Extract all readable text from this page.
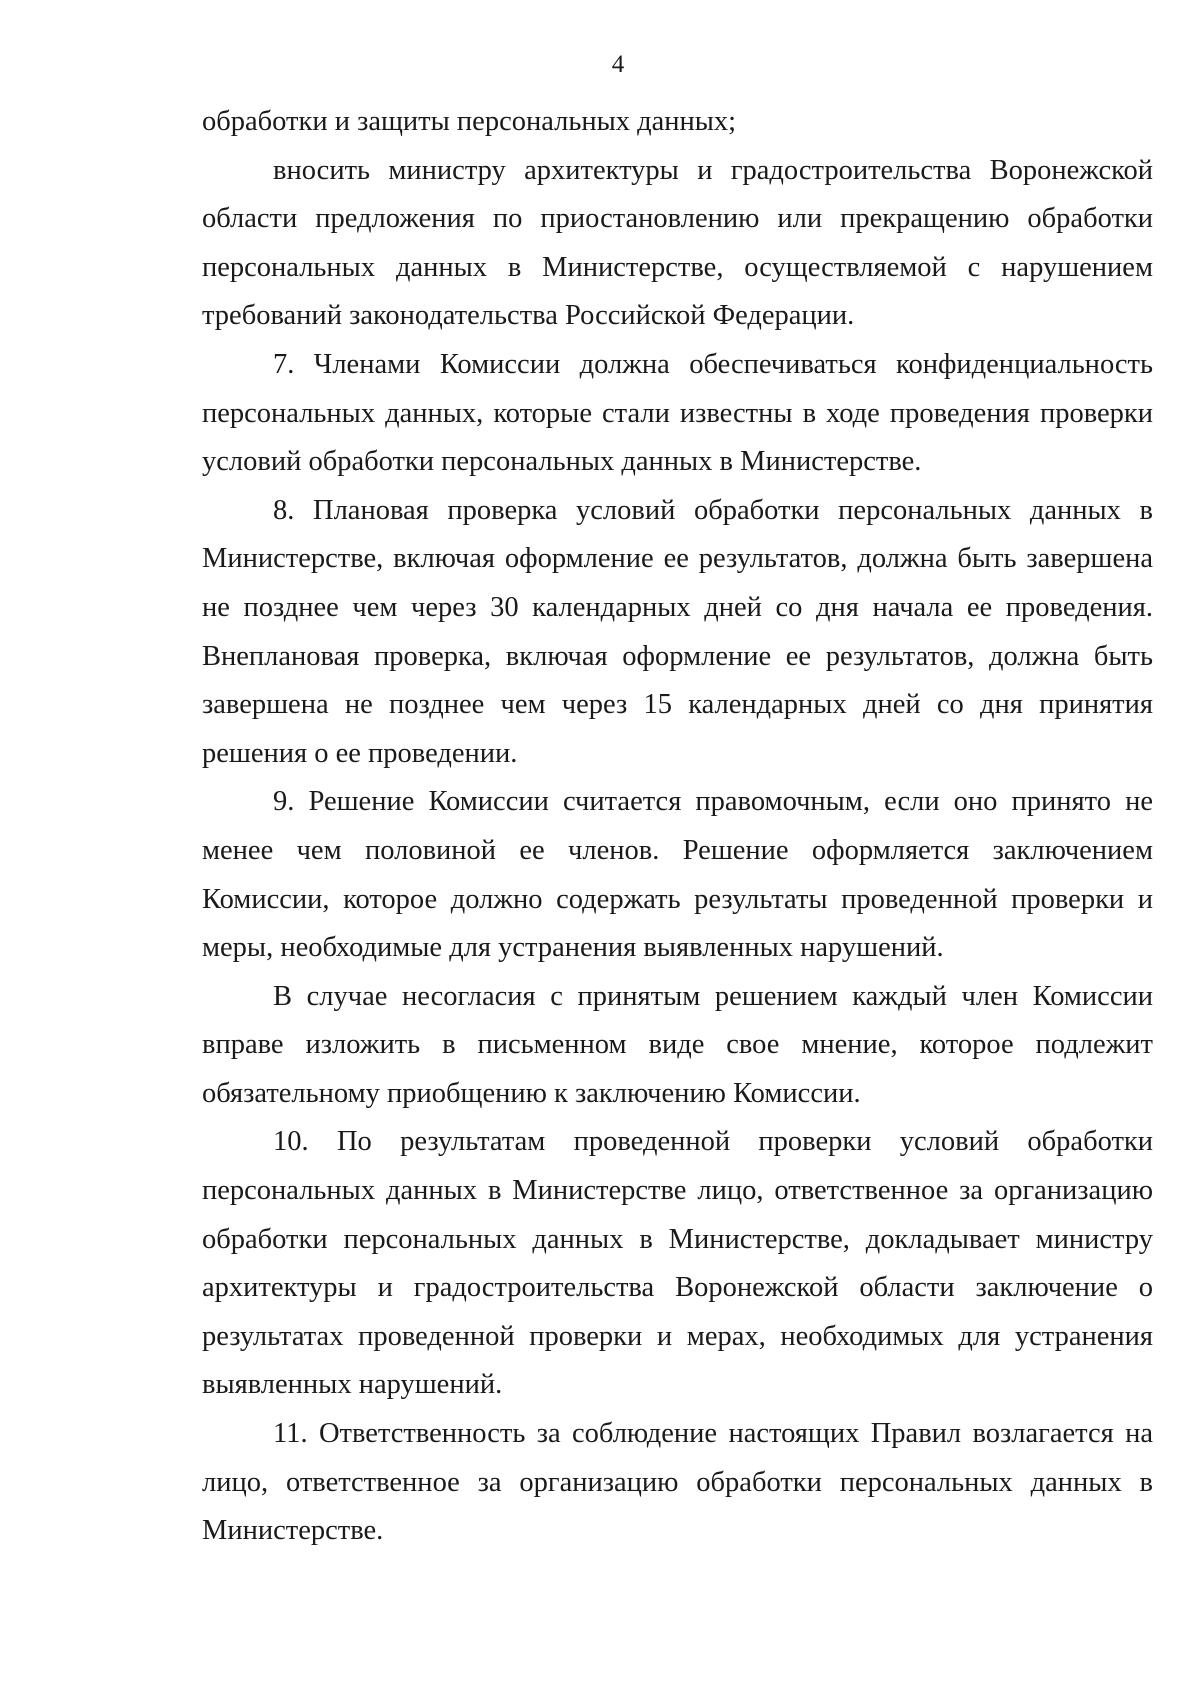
4

обработки и защиты персональных данных;

вносить министру архитектуры и градостроительства Воронежской области предложения по приостановлению или прекращению обработки персональных данных в Министерстве, осуществляемой с нарушением требований законодательства Российской Федерации.

7. Членами Комиссии должна обеспечиваться конфиденциальность персональных данных, которые стали известны в ходе проведения проверки условий обработки персональных данных в Министерстве.

8. Плановая проверка условий обработки персональных данных в Министерстве, включая оформление ее результатов, должна быть завершена не позднее чем через 30 календарных дней со дня начала ее проведения. Внеплановая проверка, включая оформление ее результатов, должна быть завершена не позднее чем через 15 календарных дней со дня принятия решения о ее проведении.

9. Решение Комиссии считается правомочным, если оно принято не менее чем половиной ее членов. Решение оформляется заключением Комиссии, которое должно содержать результаты проведенной проверки и меры, необходимые для устранения выявленных нарушений.

В случае несогласия с принятым решением каждый член Комиссии вправе изложить в письменном виде свое мнение, которое подлежит обязательному приобщению к заключению Комиссии.

10. По результатам проведенной проверки условий обработки персональных данных в Министерстве лицо, ответственное за организацию обработки персональных данных в Министерстве, докладывает министру архитектуры и градостроительства Воронежской области заключение о результатах проведенной проверки и мерах, необходимых для устранения выявленных нарушений.

11. Ответственность за соблюдение настоящих Правил возлагается на лицо, ответственное за организацию обработки персональных данных в Министерстве.
